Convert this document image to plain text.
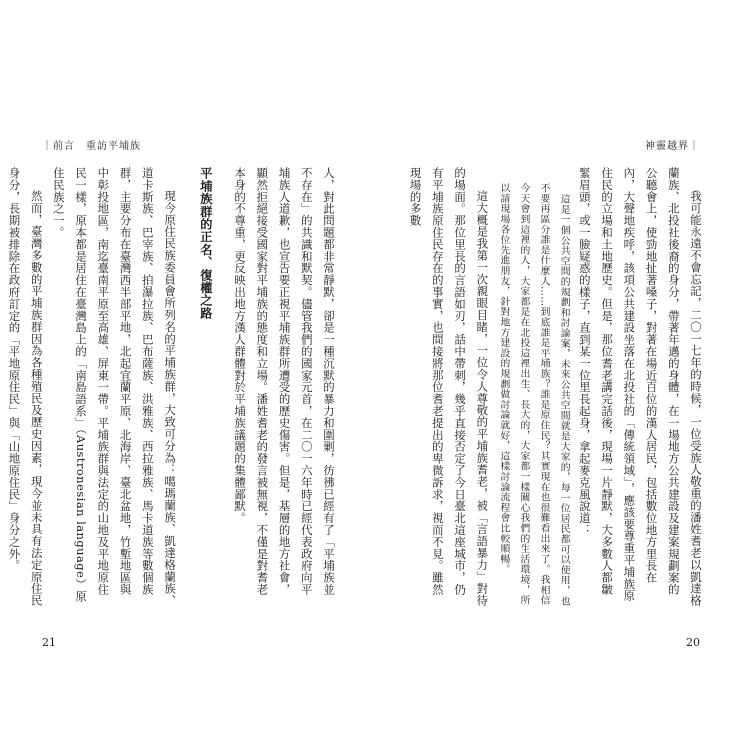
｜前言　重訪平埔族

人，對此問題都非常靜默，卻是一種沉默的暴力和圍剿，彷彿已經有了「平埔族並不存在」的共識和默契。儘管我們的國家元首，在二〇一六年時已經代表政府向平埔族人道歉，也宣告要正視平埔族群所遭受的歷史傷害。但是，基層的地方社會，顯然拒絕接受國家對平埔族的態度和立場。潘姓耆老的發言被無視，不僅是對耆老本身的不尊重，更反映出地方漢人群體對於平埔族議題的集體鄙默。

平埔族群的正名、復權之路

現今原住民族委員會所列名的平埔族群，大致可分為：噶瑪蘭族、凱達格蘭族、道卡斯族、巴宰族、拍瀑拉族、巴布薩族、洪雅族、西拉雅族、馬卡道族等數個族群，主要分布在臺灣西半部平地，北起宜蘭平原、北海岸、臺北盆地，竹塹地區與中彰投地區，南迄臺南平原至高雄、屏東一帶。平埔族群與法定的山地及平地原住民一樣，原本都是居住在臺灣島上的「南島語系」（Austronesian language）原住民族之一。

然而，臺灣多數的平埔族群因為各種殖民及歷史因素，現今並未具有法定原住民身分，長期被排除在政府訂定的「平地原住民」與「山地原住民」身分之外。

21
神靈越界｜

我可能永遠不會忘記，二〇一七年的時候，一位受族人敬重的潘姓耆老以凱達格蘭族、北投社後裔的身分，帶著年邁的身體，在一場地方公共建設及建案規劃案的公聽會上，使勁地扯著嗓子，對著在場近百位的漢人居民，包括數位地方里長在內，大聲地疾呼，該項公共建設坐落在北投社的「傳統領域」，應該要尊重平埔族原住民的立場和土地歷史。但是，那位耆老講完話後，現場一片靜默，大多數人都皺緊眉頭，或一臉疑惑的樣子，直到某一位里長起身，拿起麥克風說道：

這是一個公共空間的規劃和討論案，未來公共空間就是大家的，每一位居民都可以使用，也不要再區分誰是什麼人……到底誰是平埔族？誰是原住民？其實現在也很難看出來了。我相信今天會到這裡的人，大家都是在北投這裡出生、長大的，大家都一樣關心我們的生活環境，所以請現場各位先進朋友，針對地方建設的規劃做討論就好，這樣討論流程會比較順暢。

這大概是我第一次親眼目睹，一位令人尊敬的平埔族耆老，被「言語暴力」對待的場面。那位里長的言語如刃，話中帶刺，幾乎直接否定了今日臺北這座城市，仍有平埔族原住民存在的事實，也間接將那位耆老提出的卑微訴求，視而不見。雖然現場的多數

20
